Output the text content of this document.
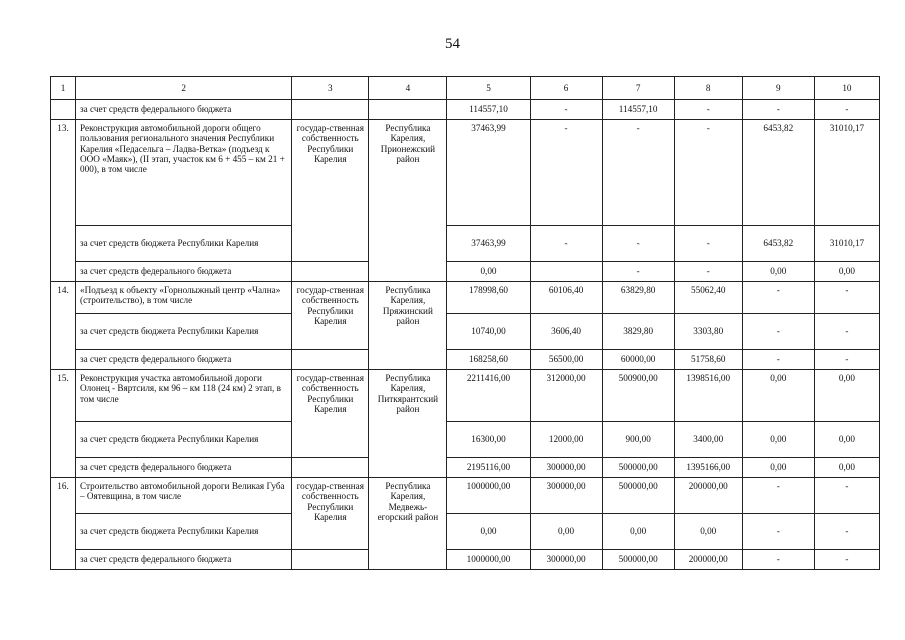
54
1	2	3	4	5	6	7	8	9	10
	за счет средств федерального бюджета			114557,10	-	114557,10	-	-	-
13.	Реконструкция автомобильной дороги общего пользования регионального значения Республики Карелия «Педасельга – Ладва-Ветка» (подъезд к ООО «Маяк»), (II этап, участок км 6 + 455 – км 21 + 000), в том числе	государ-ственная собственность Республики Карелия	Республика Карелия, Прионежский район	37463,99	-	-	-	6453,82	31010,17
	за счет средств бюджета Республики Карелия			37463,99	-	-	-	6453,82	31010,17
	за счет средств федерального бюджета			0,00		-	-	0,00	0,00
14.	«Подъезд к объекту «Горнолыжный центр «Чална» (строительство), в том числе	государ-ственная собственность Республики Карелия	Республика Карелия, Пряжинский район	178998,60	60106,40	63829,80	55062,40	-	-
	за счет средств бюджета Республики Карелия			10740,00	3606,40	3829,80	3303,80	-	-
	за счет средств федерального бюджета			168258,60	56500,00	60000,00	51758,60	-	-
15.	Реконструкция участка автомобильной дороги Олонец - Вяртсиля, км 96 – км 118 (24 км) 2 этап, в том числе	государ-ственная собственность Республики Карелия	Республика Карелия, Питкярантский район	2211416,00	312000,00	500900,00	1398516,00	0,00	0,00
	за счет средств бюджета Республики Карелия			16300,00	12000,00	900,00	3400,00	0,00	0,00
	за счет средств федерального бюджета			2195116,00	300000,00	500000,00	1395166,00	0,00	0,00
16.	Строительство автомобильной дороги Великая Губа – Оятевщина, в том числе	государ-ственная собственность Республики Карелия	Республика Карелия, Медвежь-егорский район	1000000,00	300000,00	500000,00	200000,00	-	-
	за счет средств бюджета Республики Карелия			0,00	0,00	0,00	0,00	-	-
	за счет средств федерального бюджета			1000000,00	300000,00	500000,00	200000,00	-	-
